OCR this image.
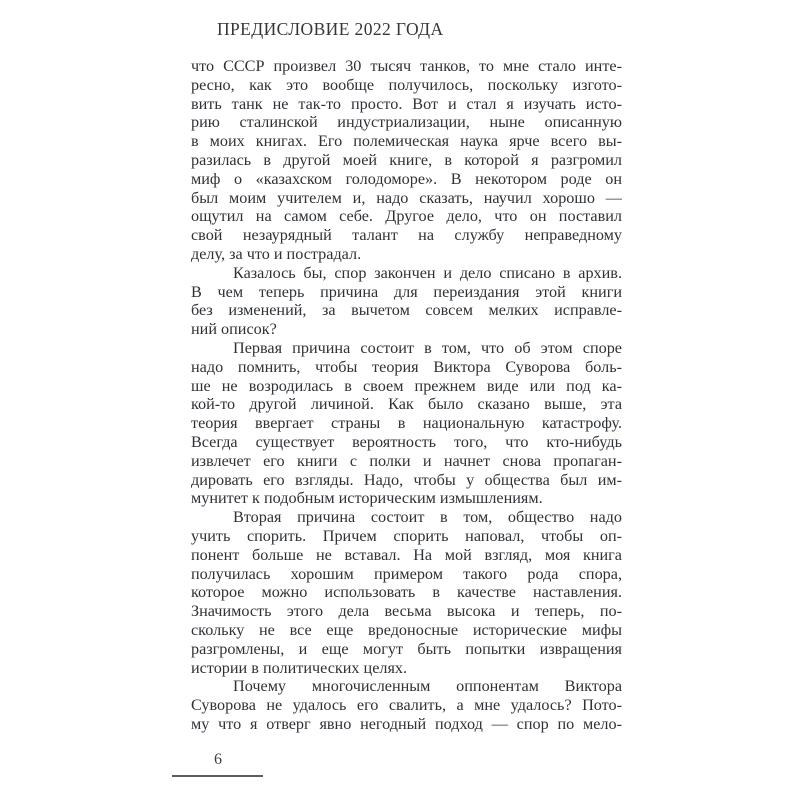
ПРЕДИСЛОВИЕ 2022 ГОДА
что СССР произвел 30 тысяч танков, то мне стало инте-
ресно, как это вообще получилось, поскольку изгото-
вить танк не так-то просто. Вот и стал я изучать исто-
рию сталинской индустриализации, ныне описанную
в моих книгах. Его полемическая наука ярче всего вы-
разилась в другой моей книге, в которой я разгромил
миф о «казахском голодоморе». В некотором роде он
был моим учителем и, надо сказать, научил хорошо —
ощутил на самом себе. Другое дело, что он поставил
свой незаурядный талант на службу неправедному
делу, за что и пострадал.
Казалось бы, спор закончен и дело списано в архив.
В чем теперь причина для переиздания этой книги
без изменений, за вычетом совсем мелких исправле-
ний описок?
Первая причина состоит в том, что об этом споре
надо помнить, чтобы теория Виктора Суворова боль-
ше не возродилась в своем прежнем виде или под ка-
кой-то другой личиной. Как было сказано выше, эта
теория ввергает страны в национальную катастрофу.
Всегда существует вероятность того, что кто-нибудь
извлечет его книги с полки и начнет снова пропаган-
дировать его взгляды. Надо, чтобы у общества был им-
мунитет к подобным историческим измышлениям.
Вторая причина состоит в том, общество надо
учить спорить. Причем спорить наповал, чтобы оп-
понент больше не вставал. На мой взгляд, моя книга
получилась хорошим примером такого рода спора,
которое можно использовать в качестве наставления.
Значимость этого дела весьма высока и теперь, по-
скольку не все еще вредоносные исторические мифы
разгромлены, и еще могут быть попытки извращения
истории в политических целях.
Почему многочисленным оппонентам Виктора
Суворова не удалось его свалить, а мне удалось? Пото-
му что я отверг явно негодный подход — спор по мело-
6
